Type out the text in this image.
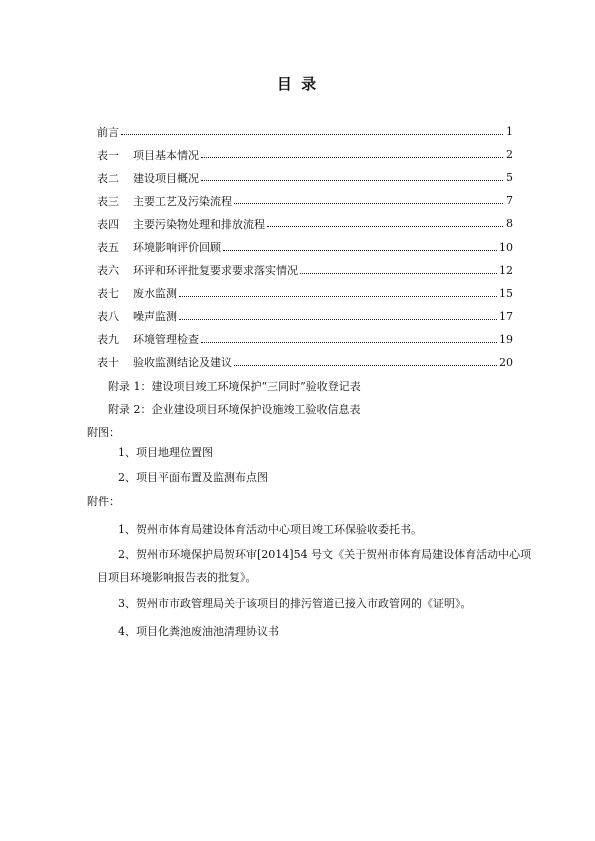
目 录
前言	1
表一 项目基本情况	2
表二 建设项目概况	5
表三 主要工艺及污染流程	7
表四 主要污染物处理和排放流程	8
表五 环境影响评价回顾	10
表六 环评和环评批复要求要求落实情况	12
表七 废水监测	15
表八 噪声监测	17
表九 环境管理检查	19
表十 验收监测结论及建议	20
附录 1：建设项目竣工环境保护“三同时”验收登记表
附录 2：企业建设项目环境保护设施竣工验收信息表
附图：
1、项目地理位置图
2、项目平面布置及监测布点图
附件：
1、贺州市体育局建设体育活动中心项目竣工环保验收委托书。
2、贺州市环境保护局贺环审[2014]54 号文《关于贺州市体育局建设体育活动中心项
目项目环境影响报告表的批复》。
3、贺州市市政管理局关于该项目的排污管道已接入市政管网的《证明》。
4、项目化粪池废油池清理协议书
